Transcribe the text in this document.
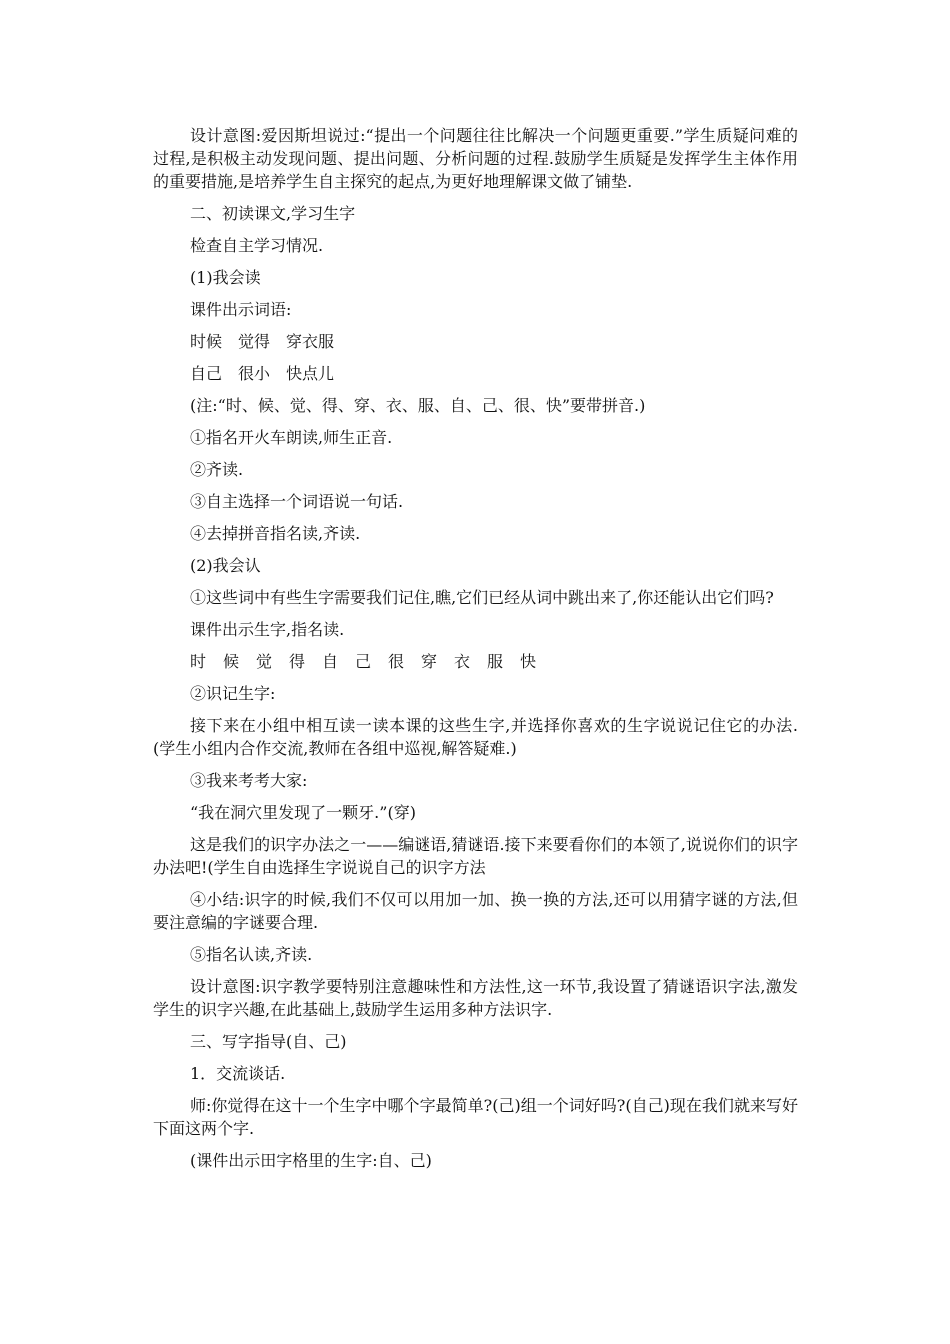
设计意图:爱因斯坦说过:“提出一个问题往往比解决一个问题更重要.”学生质疑问难的过程,是积极主动发现问题、提出问题、分析问题的过程.鼓励学生质疑是发挥学生主体作用的重要措施,是培养学生自主探究的起点,为更好地理解课文做了铺垫.

二、初读课文,学习生字

检查自主学习情况.

(1)我会读

课件出示词语:

时候　觉得　穿衣服

自己　很小　快点儿

(注:“时、候、觉、得、穿、衣、服、自、己、很、快”要带拼音.)

①指名开火车朗读,师生正音.

②齐读.

③自主选择一个词语说一句话.

④去掉拼音指名读,齐读.

(2)我会认

①这些词中有些生字需要我们记住,瞧,它们已经从词中跳出来了,你还能认出它们吗?

课件出示生字,指名读.

时	候	觉	得	自	己	很	穿	衣	服	快

②识记生字:

接下来在小组中相互读一读本课的这些生字,并选择你喜欢的生字说说记住它的办法.(学生小组内合作交流,教师在各组中巡视,解答疑难.)

③我来考考大家:

“我在洞穴里发现了一颗牙.”(穿)

这是我们的识字办法之一——编谜语,猜谜语.接下来要看你们的本领了,说说你们的识字办法吧!(学生自由选择生字说说自己的识字方法

④小结:识字的时候,我们不仅可以用加一加、换一换的方法,还可以用猜字谜的方法,但要注意编的字谜要合理.

⑤指名认读,齐读.

设计意图:识字教学要特别注意趣味性和方法性,这一环节,我设置了猜谜语识字法,激发学生的识字兴趣,在此基础上,鼓励学生运用多种方法识字.

三、写字指导(自、己)

1．交流谈话.

师:你觉得在这十一个生字中哪个字最简单?(己)组一个词好吗?(自己)现在我们就来写好下面这两个字.

(课件出示田字格里的生字:自、己)
